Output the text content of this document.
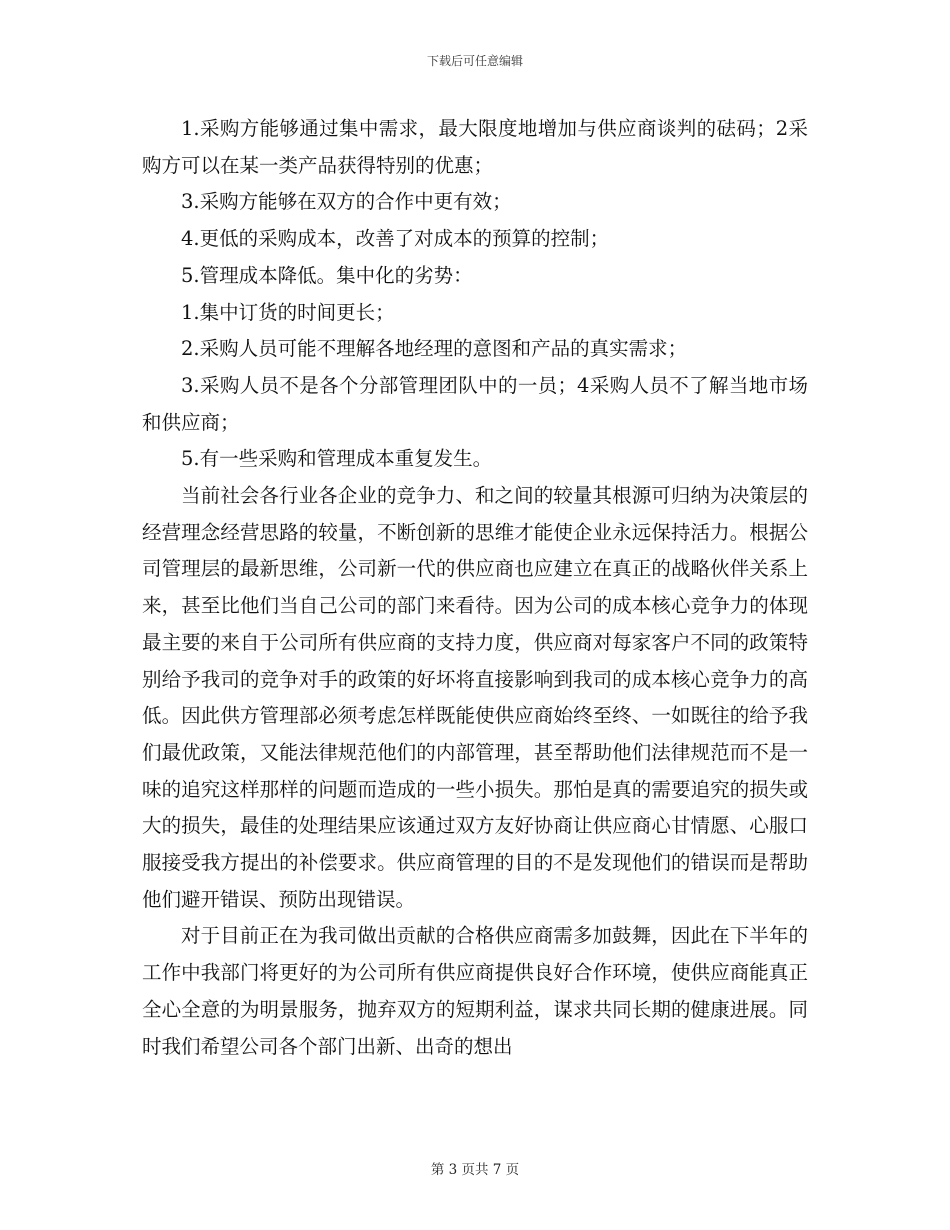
下载后可任意编辑

1.采购方能够通过集中需求，最大限度地增加与供应商谈判的砝码；2采购方可以在某一类产品获得特别的优惠；

3.采购方能够在双方的合作中更有效；

4.更低的采购成本，改善了对成本的预算的控制；

5.管理成本降低。集中化的劣势：

1.集中订货的时间更长；

2.采购人员可能不理解各地经理的意图和产品的真实需求；

3.采购人员不是各个分部管理团队中的一员；4采购人员不了解当地市场和供应商；

5.有一些采购和管理成本重复发生。

当前社会各行业各企业的竞争力、和之间的较量其根源可归纳为决策层的经营理念经营思路的较量，不断创新的思维才能使企业永远保持活力。根据公司管理层的最新思维，公司新一代的供应商也应建立在真正的战略伙伴关系上来，甚至比他们当自己公司的部门来看待。因为公司的成本核心竞争力的体现最主要的来自于公司所有供应商的支持力度，供应商对每家客户不同的政策特别给予我司的竞争对手的政策的好坏将直接影响到我司的成本核心竞争力的高低。因此供方管理部必须考虑怎样既能使供应商始终至终、一如既往的给予我们最优政策，又能法律规范他们的内部管理，甚至帮助他们法律规范而不是一味的追究这样那样的问题而造成的一些小损失。那怕是真的需要追究的损失或大的损失，最佳的处理结果应该通过双方友好协商让供应商心甘情愿、心服口服接受我方提出的补偿要求。供应商管理的目的不是发现他们的错误而是帮助他们避开错误、预防出现错误。

对于目前正在为我司做出贡献的合格供应商需多加鼓舞，因此在下半年的工作中我部门将更好的为公司所有供应商提供良好合作环境，使供应商能真正全心全意的为明景服务，抛弃双方的短期利益，谋求共同长期的健康进展。同时我们希望公司各个部门出新、出奇的想出

第 3 页共 7 页
